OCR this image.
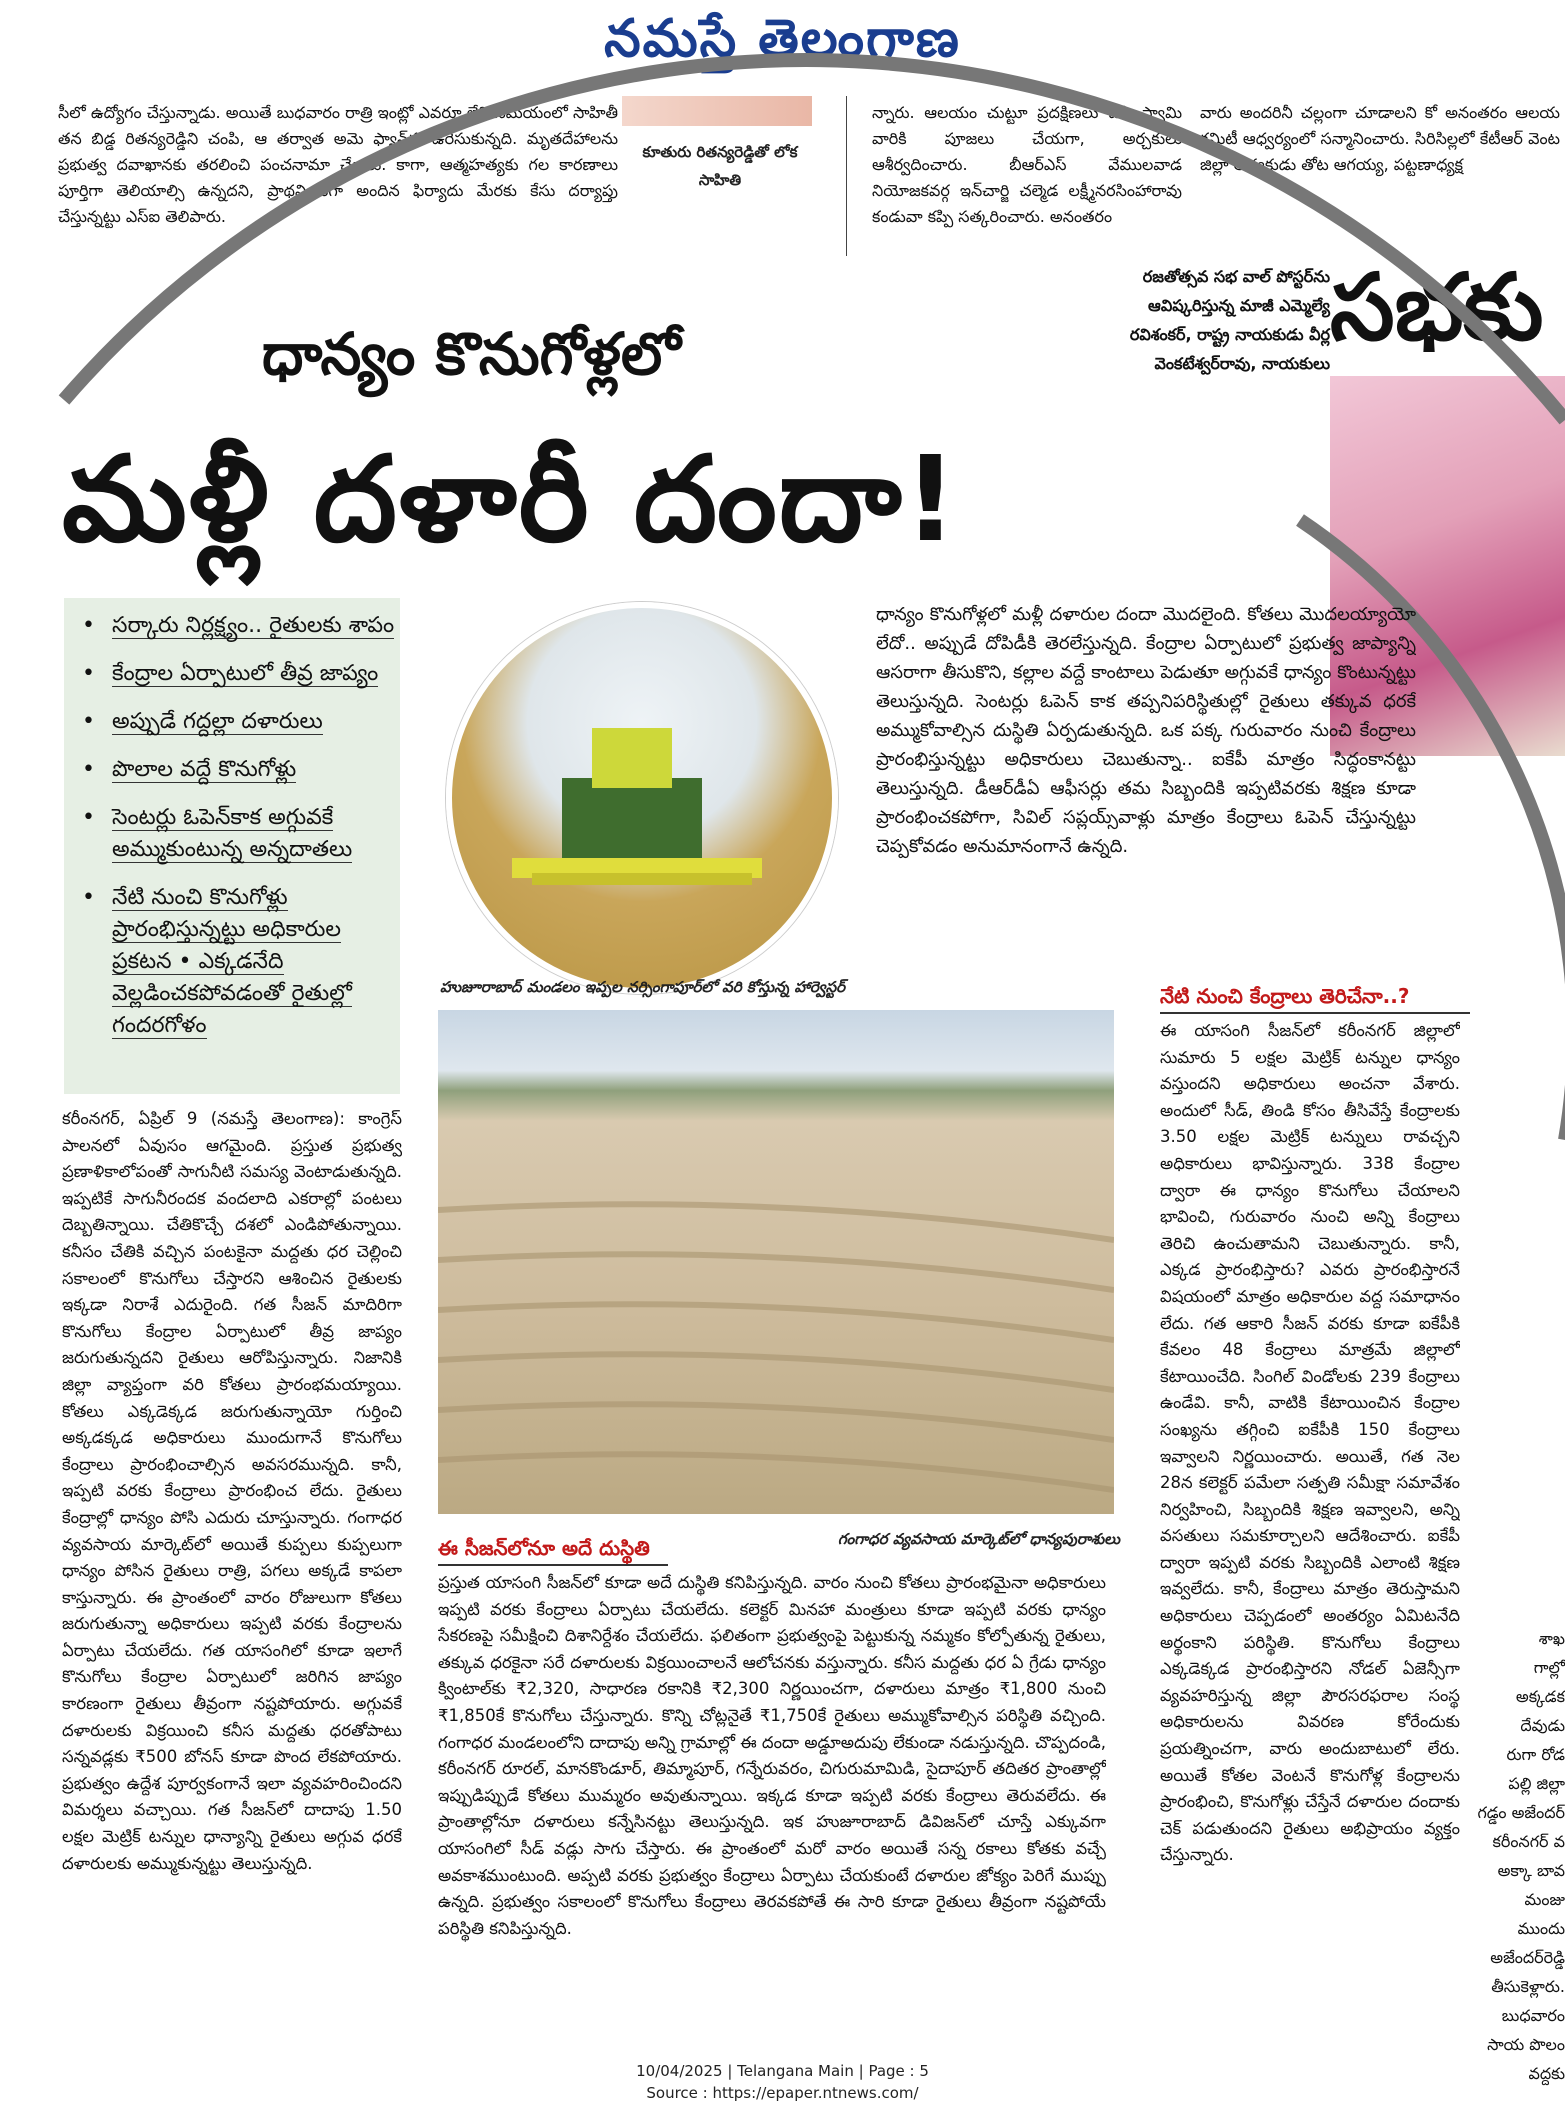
నమస్తే తెలంగాణ
సీలో ఉద్యోగం చేస్తున్నాడు. అయితే బుధవారం రాత్రి ఇంట్లో ఎవరూ లేని సమయంలో సాహితీ తన బిడ్డ రితన్యరెడ్డిని చంపి, ఆ తర్వాత అమె ఫ్యాన్‌కు ఉరేసుకున్నది. మృతదేహాలను ప్రభుత్వ దవాఖానకు తరలించి పంచనామా చేశారు. కాగా, ఆత్మహత్యకు గల కారణాలు పూర్తిగా తెలియాల్సి ఉన్నదని, ప్రాథమికంగా అందిన ఫిర్యాదు మేరకు కేసు దర్యాప్తు చేస్తున్నట్టు ఎస్ఐ తెలిపారు.
కూతురు రితన్యరెడ్డితో లోక సాహితి
న్నారు. ఆలయం చుట్టూ ప్రదక్షిణలు చేసి స్వామి వారికి పూజలు చేయగా, అర్చకులు ఆశీర్వదించారు. బీఆర్ఎస్ వేములవాడ నియోజకవర్గ ఇన్‌చార్జి చల్మెడ లక్ష్మీనరసింహారావు కండువా కప్పి సత్కరించారు. అనంతరం
వారు అందరినీ చల్లంగా చూడాలని కో అనంతరం ఆలయ కమిటీ ఆధ్వర్యంలో సన్మానించారు. సిరిసిల్లలో కేటీఆర్ వెంట జిల్లా అధ్యక్షుడు తోట ఆగయ్య, పట్టణాధ్యక్ష
రజతోత్సవ సభ వాల్ పోస్టర్‌ను ఆవిష్కరిస్తున్న మాజీ ఎమ్మెల్యే రవిశంకర్, రాష్ట్ర నాయకుడు వీర్ల వెంకటేశ్వర్‌రావు, నాయకులు
సభకు
ధాన్యం కొనుగోళ్లలో
మళ్లీ దళారీ దందా!
• సర్కారు నిర్లక్ష్యం.. రైతులకు శాపం
• కేంద్రాల ఏర్పాటులో తీవ్ర జాప్యం
• అప్పుడే గద్దల్లా దళారులు
• పొలాల వద్దే కొనుగోళ్లు
• సెంటర్లు ఓపెన్‌కాక అగ్గువకే అమ్ముకుంటున్న అన్నదాతలు
• నేటి నుంచి కొనుగోళ్లు ప్రారంభిస్తున్నట్టు అధికారుల ప్రకటన • ఎక్కడనేది వెల్లడించకపోవడంతో రైతుల్లో గందరగోళం
ధాన్యం కొనుగోళ్లలో మళ్లీ దళారుల దందా మొదలైంది. కోతలు మొదలయ్యాయో లేదో.. అప్పుడే దోపిడీకి తెరలేస్తున్నది. కేంద్రాల ఏర్పాటులో ప్రభుత్వ జాప్యాన్ని ఆసరాగా తీసుకొని, కల్లాల వద్దే కాంటాలు పెడుతూ అగ్గువకే ధాన్యం కొంటున్నట్టు తెలుస్తున్నది. సెంటర్లు ఓపెన్ కాక తప్పనిపరిస్థితుల్లో రైతులు తక్కువ ధరకే అమ్ముకోవాల్సిన దుస్థితి ఏర్పడుతున్నది. ఒక పక్క గురువారం నుంచి కేంద్రాలు ప్రారంభిస్తున్నట్టు అధికారులు చెబుతున్నా.. ఐకేపీ మాత్రం సిద్ధంకానట్టు తెలుస్తున్నది. డీఆర్‌డీఏ ఆఫీసర్లు తమ సిబ్బందికి ఇప్పటివరకు శిక్షణ కూడా ప్రారంభించకపోగా, సివిల్ సప్లయ్స్‌వాళ్లు మాత్రం కేంద్రాలు ఓపెన్ చేస్తున్నట్టు చెప్పకోవడం అనుమానంగానే ఉన్నది.
హుజూరాబాద్ మండలం ఇప్పల నర్సింగాపూర్‌లో వరి కోస్తున్న హార్వెస్టర్
గంగాధర వ్యవసాయ మార్కెట్‌లో ధాన్యపురాశులు
నేటి నుంచి కేంద్రాలు తెరిచేనా..?
ఈ యాసంగి సీజన్‌లో కరీంనగర్ జిల్లాలో సుమారు 5 లక్షల మెట్రిక్ టన్నుల ధాన్యం వస్తుందని అధికారులు అంచనా వేశారు. అందులో సీడ్, తిండి కోసం తీసివేస్తే కేంద్రాలకు 3.50 లక్షల మెట్రిక్ టన్నులు రావచ్చని అధికారులు భావిస్తున్నారు. 338 కేంద్రాల ద్వారా ఈ ధాన్యం కొనుగోలు చేయాలని భావించి, గురువారం నుంచి అన్ని కేంద్రాలు తెరిచి ఉంచుతామని చెబుతున్నారు. కానీ, ఎక్కడ ప్రారంభిస్తారు? ఎవరు ప్రారంభిస్తారనే విషయంలో మాత్రం అధికారుల వద్ద సమాధానం లేదు. గత ఆకారి సీజన్ వరకు కూడా ఐకేపీకి కేవలం 48 కేంద్రాలు మాత్రమే జిల్లాలో కేటాయించేది. సింగిల్ విండోలకు 239 కేంద్రాలు ఉండేవి. కానీ, వాటికి కేటాయించిన కేంద్రాల సంఖ్యను తగ్గించి ఐకేపీకి 150 కేంద్రాలు ఇవ్వాలని నిర్ణయించారు. అయితే, గత నెల 28న కలెక్టర్ పమేలా సత్పతి సమీక్షా సమావేశం నిర్వహించి, సిబ్బందికి శిక్షణ ఇవ్వాలని, అన్ని వసతులు సమకూర్చాలని ఆదేశించారు. ఐకేపీ ద్వారా ఇప్పటి వరకు సిబ్బందికి ఎలాంటి శిక్షణ ఇవ్వలేదు. కానీ, కేంద్రాలు మాత్రం తెరుస్తామని అధికారులు చెప్పడంలో అంతర్యం ఏమిటనేది అర్థంకాని పరిస్థితి. కొనుగోలు కేంద్రాలు ఎక్కడెక్కడ ప్రారంభిస్తారని నోడల్ ఏజెన్సీగా వ్యవహరిస్తున్న జిల్లా పౌరసరఫరాల సంస్థ అధికారులను వివరణ కోరేందుకు ప్రయత్నించగా, వారు అందుబాటులో లేరు. అయితే కోతల వెంటనే కొనుగోళ్ల కేంద్రాలను ప్రారంభించి, కొనుగోళ్లు చేస్తేనే దళారుల దందాకు చెక్ పడుతుందని రైతులు అభిప్రాయం వ్యక్తం చేస్తున్నారు.
కరీంనగర్, ఏప్రిల్ 9 (నమస్తే తెలంగాణ): కాంగ్రెస్ పాలనలో ఏవుసం ఆగమైంది. ప్రస్తుత ప్రభుత్వ ప్రణాళికాలోపంతో సాగునీటి సమస్య వెంటాడుతున్నది. ఇప్పటికే సాగునీరందక వందలాది ఎకరాల్లో పంటలు దెబ్బతిన్నాయి. చేతికొచ్చే దశలో ఎండిపోతున్నాయి. కనీసం చేతికి వచ్చిన పంటకైనా మద్దతు ధర చెల్లించి సకాలంలో కొనుగోలు చేస్తారని ఆశించిన రైతులకు ఇక్కడా నిరాశే ఎదురైంది. గత సీజన్ మాదిరిగా కొనుగోలు కేంద్రాల ఏర్పాటులో తీవ్ర జాప్యం జరుగుతున్నదని రైతులు ఆరోపిస్తున్నారు. నిజానికి జిల్లా వ్యాప్తంగా వరి కోతలు ప్రారంభమయ్యాయి. కోతలు ఎక్కడెక్కడ జరుగుతున్నాయో గుర్తించి అక్కడక్కడ అధికారులు ముందుగానే కొనుగోలు కేంద్రాలు ప్రారంభించాల్సిన అవసరమున్నది. కానీ, ఇప్పటి వరకు కేంద్రాలు ప్రారంభించ లేదు. రైతులు కేంద్రాల్లో ధాన్యం పోసి ఎదురు చూస్తున్నారు. గంగాధర వ్యవసాయ మార్కెట్‌లో అయితే కుప్పలు కుప్పలుగా ధాన్యం పోసిన రైతులు రాత్రి, పగలు అక్కడే కాపలా కాస్తున్నారు. ఈ ప్రాంతంలో వారం రోజులుగా కోతలు జరుగుతున్నా అధికారులు ఇప్పటి వరకు కేంద్రాలను ఏర్పాటు చేయలేదు. గత యాసంగిలో కూడా ఇలాగే కొనుగోలు కేంద్రాల ఏర్పాటులో జరిగిన జాప్యం కారణంగా రైతులు తీవ్రంగా నష్టపోయారు. అగ్గువకే దళారులకు విక్రయించి కనీస మద్దతు ధరతోపాటు సన్నవడ్లకు ₹500 బోనస్ కూడా పొంద లేకపోయారు. ప్రభుత్వం ఉద్దేశ పూర్వకంగానే ఇలా వ్యవహరించిందని విమర్శలు వచ్చాయి. గత సీజన్‌లో దాదాపు 1.50 లక్షల మెట్రిక్ టన్నుల ధాన్యాన్ని రైతులు అగ్గువ ధరకే దళారులకు అమ్ముకున్నట్టు తెలుస్తున్నది.
ఈ సీజన్‌లోనూ అదే దుస్థితి
ప్రస్తుత యాసంగి సీజన్‌లో కూడా అదే దుస్థితి కనిపిస్తున్నది. వారం నుంచి కోతలు ప్రారంభమైనా అధికారులు ఇప్పటి వరకు కేంద్రాలు ఏర్పాటు చేయలేదు. కలెక్టర్ మినహా మంత్రులు కూడా ఇప్పటి వరకు ధాన్యం సేకరణపై సమీక్షించి దిశానిర్దేశం చేయలేదు. ఫలితంగా ప్రభుత్వంపై పెట్టుకున్న నమ్మకం కోల్పోతున్న రైతులు, తక్కువ ధరకైనా సరే దళారులకు విక్రయించాలనే ఆలోచనకు వస్తున్నారు. కనీస మద్దతు ధర ఏ గ్రేడు ధాన్యం క్వింటాల్‌కు ₹2,320, సాధారణ రకానికి ₹2,300 నిర్ణయించగా, దళారులు మాత్రం ₹1,800 నుంచి ₹1,850కే కొనుగోలు చేస్తున్నారు. కొన్ని చోట్లనైతే ₹1,750కే రైతులు అమ్ముకోవాల్సిన పరిస్థితి వచ్చింది. గంగాధర మండలంలోని దాదాపు అన్ని గ్రామాల్లో ఈ దందా అడ్డూఅదుపు లేకుండా నడుస్తున్నది. చొప్పదండి, కరీంనగర్ రూరల్, మానకొండూర్, తిమ్మాపూర్, గన్నేరువరం, చిగురుమామిడి, సైదాపూర్ తదితర ప్రాంతాల్లో ఇప్పుడిప్పుడే కోతలు ముమ్మరం అవుతున్నాయి. ఇక్కడ కూడా ఇప్పటి వరకు కేంద్రాలు తెరువలేదు. ఈ ప్రాంతాల్లోనూ దళారులు కన్నేసినట్టు తెలుస్తున్నది. ఇక హుజూరాబాద్ డివిజన్‌లో చూస్తే ఎక్కువగా యాసంగిలో సీడ్ వడ్లు సాగు చేస్తారు. ఈ ప్రాంతంలో మరో వారం అయితే సన్న రకాలు కోతకు వచ్చే అవకాశముంటుంది. అప్పటి వరకు ప్రభుత్వం కేంద్రాలు ఏర్పాటు చేయకుంటే దళారుల జోక్యం పెరిగే ముప్పు ఉన్నది. ప్రభుత్వం సకాలంలో కొనుగోలు కేంద్రాలు తెరవకపోతే ఈ సారి కూడా రైతులు తీవ్రంగా నష్టపోయే పరిస్థితి కనిపిస్తున్నది.
శాఖ
గాల్లో
అక్కడక
దేవుడు
రుగా రోడ
పల్లి జిల్లా
గడ్డం అజేందర్
కరీంనగర్ వ
అక్కా బావ మంజు
ముందు అజేందర్‌రెడ్డి
తీసుకెళ్లారు. బుధవారం
సాయ పొలం వద్దకు
10/04/2025 | Telangana Main | Page : 5
Source : https://epaper.ntnews.com/
